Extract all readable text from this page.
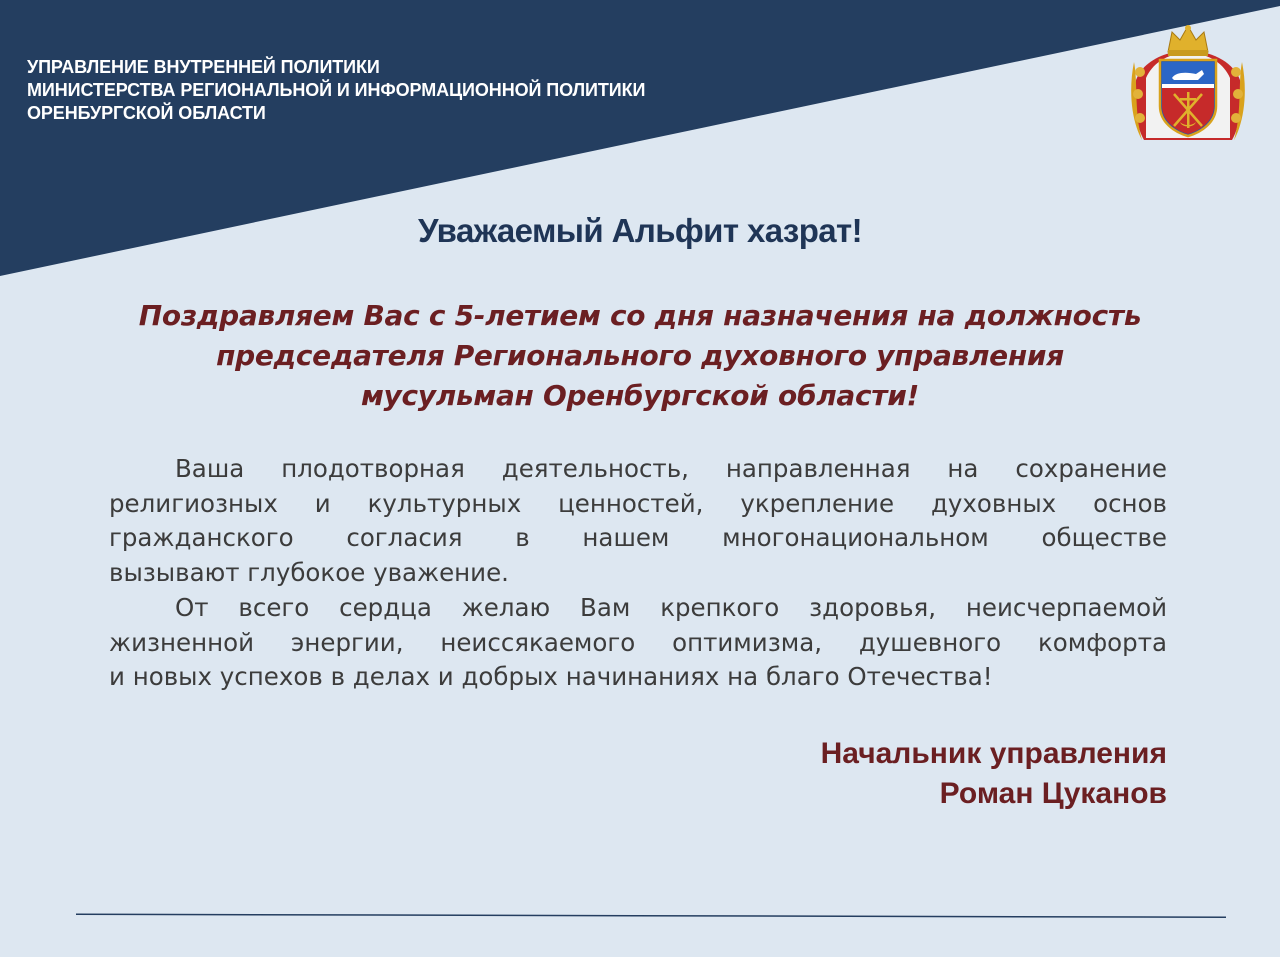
УПРАВЛЕНИЕ ВНУТРЕННЕЙ ПОЛИТИКИ
МИНИСТЕРСТВА РЕГИОНАЛЬНОЙ И ИНФОРМАЦИОННОЙ ПОЛИТИКИ
ОРЕНБУРГСКОЙ ОБЛАСТИ
Уважаемый Альфит хазрат!
Поздравляем Вас с 5-летием со дня назначения на должность
председателя Регионального духовного управления
мусульман Оренбургской области!
Ваша плодотворная деятельность, направленная на сохранение
религиозных и культурных ценностей, укрепление духовных основ
гражданского согласия в нашем многонациональном обществе
вызывают глубокое уважение.
От всего сердца желаю Вам крепкого здоровья, неисчерпаемой
жизненной энергии, неиссякаемого оптимизма, душевного комфорта
и новых успехов в делах и добрых начинаниях на благо Отечества!
Начальник управления
Роман Цуканов
